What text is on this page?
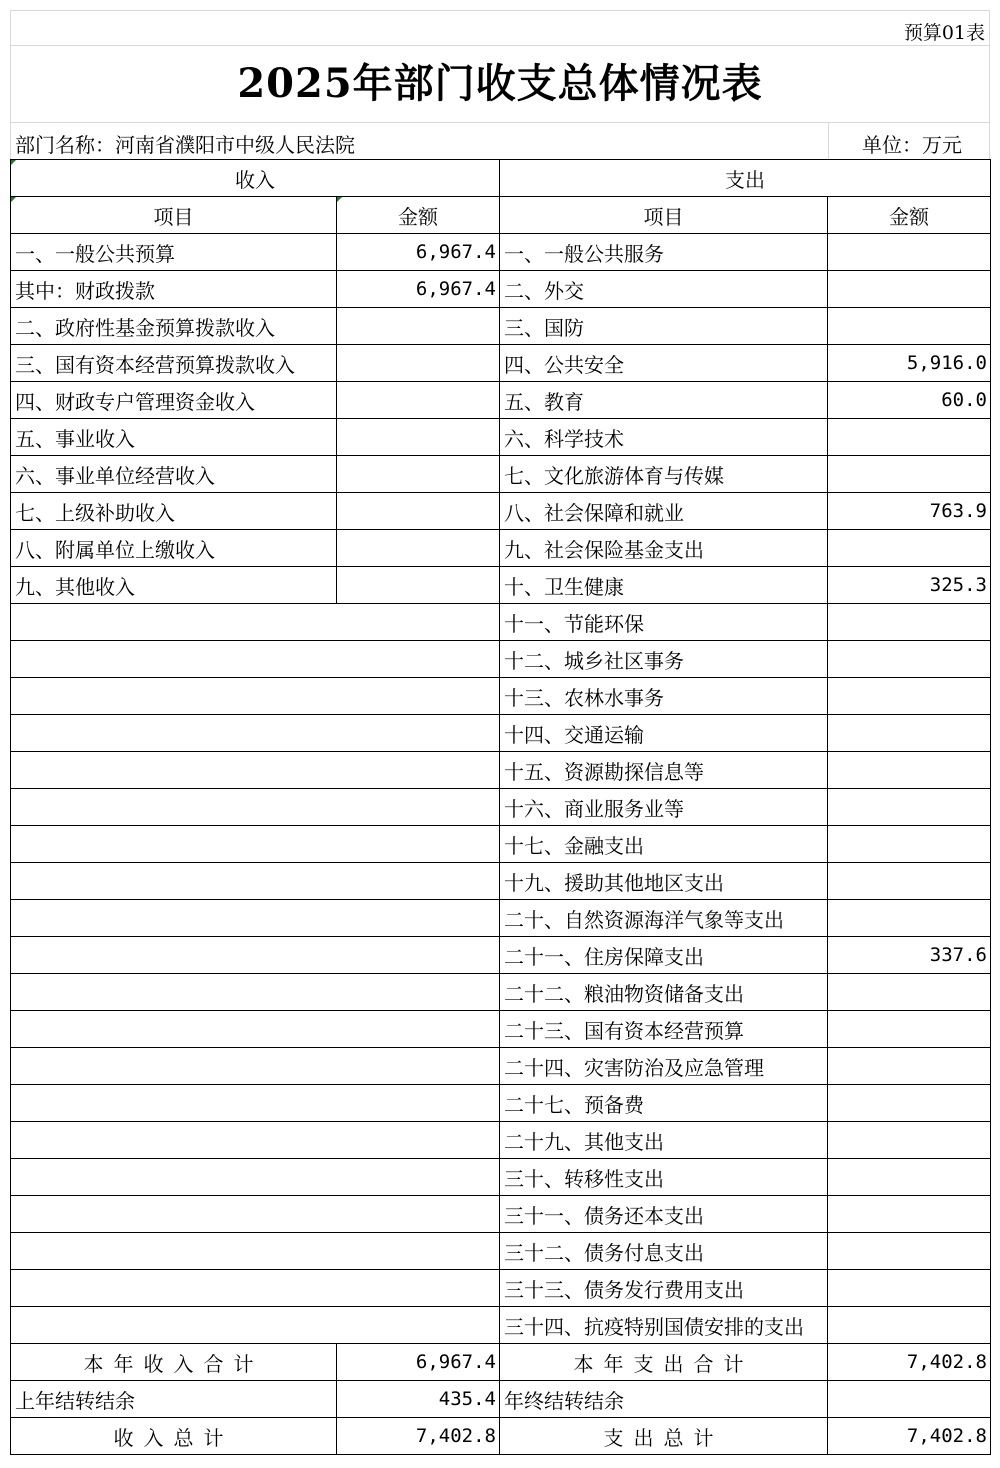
预算01表
2025年部门收支总体情况表
部门名称：河南省濮阳市中级人民法院	单位：万元
收入		支出	
项目	金额	项目	金额
一、一般公共预算	6,967.4	一、一般公共服务	
其中：财政拨款	6,967.4	二、外交	
二、政府性基金预算拨款收入		三、国防	
三、国有资本经营预算拨款收入		四、公共安全	5,916.0
四、财政专户管理资金收入		五、教育	60.0
五、事业收入		六、科学技术	
六、事业单位经营收入		七、文化旅游体育与传媒	
七、上级补助收入		八、社会保障和就业	763.9
八、附属单位上缴收入		九、社会保险基金支出	
九、其他收入		十、卫生健康	325.3
		十一、节能环保	
		十二、城乡社区事务	
		十三、农林水事务	
		十四、交通运输	
		十五、资源勘探信息等	
		十六、商业服务业等	
		十七、金融支出	
		十九、援助其他地区支出	
		二十、自然资源海洋气象等支出	
		二十一、住房保障支出	337.6
		二十二、粮油物资储备支出	
		二十三、国有资本经营预算	
		二十四、灾害防治及应急管理	
		二十七、预备费	
		二十九、其他支出	
		三十、转移性支出	
		三十一、债务还本支出	
		三十二、债务付息支出	
		三十三、债务发行费用支出	
		三十四、抗疫特别国债安排的支出	
本年收入合计	6,967.4	本年支出合计	7,402.8
上年结转结余	435.4	年终结转结余	
收入总计	7,402.8	支出总计	7,402.8
